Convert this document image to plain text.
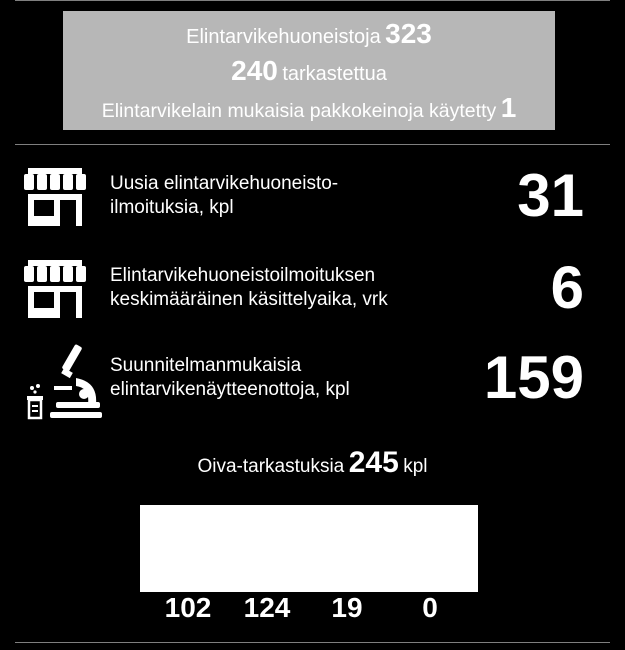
Elintarvikehuoneistoja 323
240 tarkastettua
Elintarvikelain mukaisia pakkokeinoja käytetty 1
Uusia elintarvikehuoneisto-
ilmoituksia, kpl	31
Elintarvikehuoneistoilmoituksen
keskimääräinen käsittelyaika, vrk	6
Suunnitelmanmukaisia
elintarvikenäytteenottoja, kpl	159
Oiva-tarkastuksia 245 kpl
102	124	19	0
